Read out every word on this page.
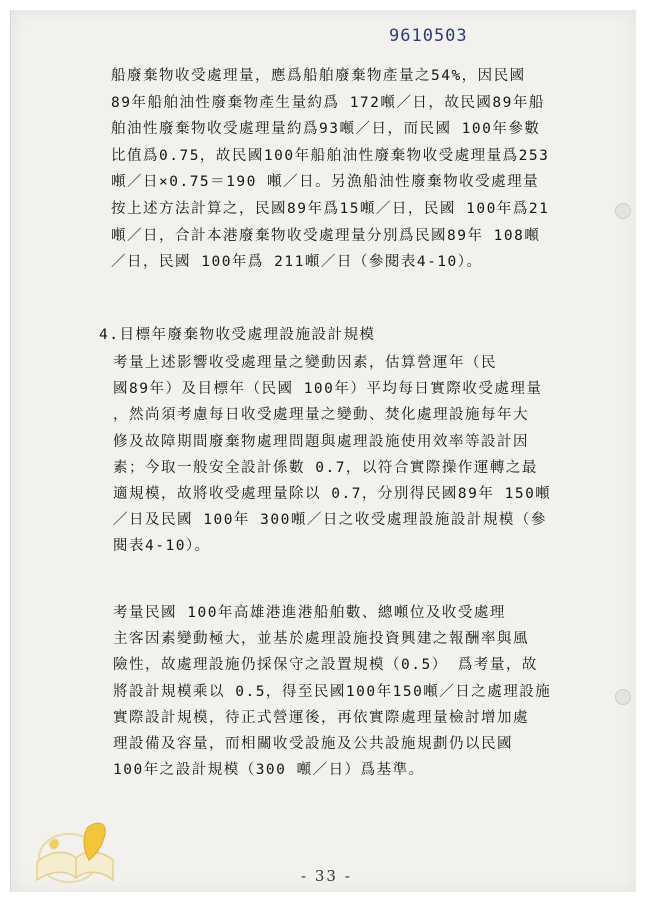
9610503
船廢棄物收受處理量，應爲船舶廢棄物產量之54%，因民國
89年船舶油性廢棄物產生量約爲 172噸／日，故民國89年船
舶油性廢棄物收受處理量約爲93噸／日，而民國 100年參數
比值爲0.75，故民國100年船舶油性廢棄物收受處理量爲253
噸／日×0.75＝190 噸／日。另漁船油性廢棄物收受處理量
按上述方法計算之，民國89年爲15噸／日，民國 100年爲21
噸／日，合計本港廢棄物收受處理量分別爲民國89年 108噸
／日，民國 100年爲 211噸／日（參閱表4-10）。
4.目標年廢棄物收受處理設施設計規模
考量上述影響收受處理量之變動因素，估算營運年（民
國89年）及目標年（民國 100年）平均每日實際收受處理量
，然尚須考慮每日收受處理量之變動、焚化處理設施每年大
修及故障期間廢棄物處理問題與處理設施使用效率等設計因
素；今取一般安全設計係數 0.7，以符合實際操作運轉之最
適規模，故將收受處理量除以 0.7，分別得民國89年 150噸
／日及民國 100年 300噸／日之收受處理設施設計規模（參
閱表4-10）。
考量民國 100年高雄港進港船舶數、總噸位及收受處理
主客因素變動極大，並基於處理設施投資興建之報酬率與風
險性，故處理設施仍採保守之設置規模（0.5） 爲考量，故
將設計規模乘以 0.5，得至民國100年150噸／日之處理設施
實際設計規模，待正式營運後，再依實際處理量檢討增加處
理設備及容量，而相關收受設施及公共設施規劃仍以民國
100年之設計規模（300 噸／日）爲基準。
- 33 -
